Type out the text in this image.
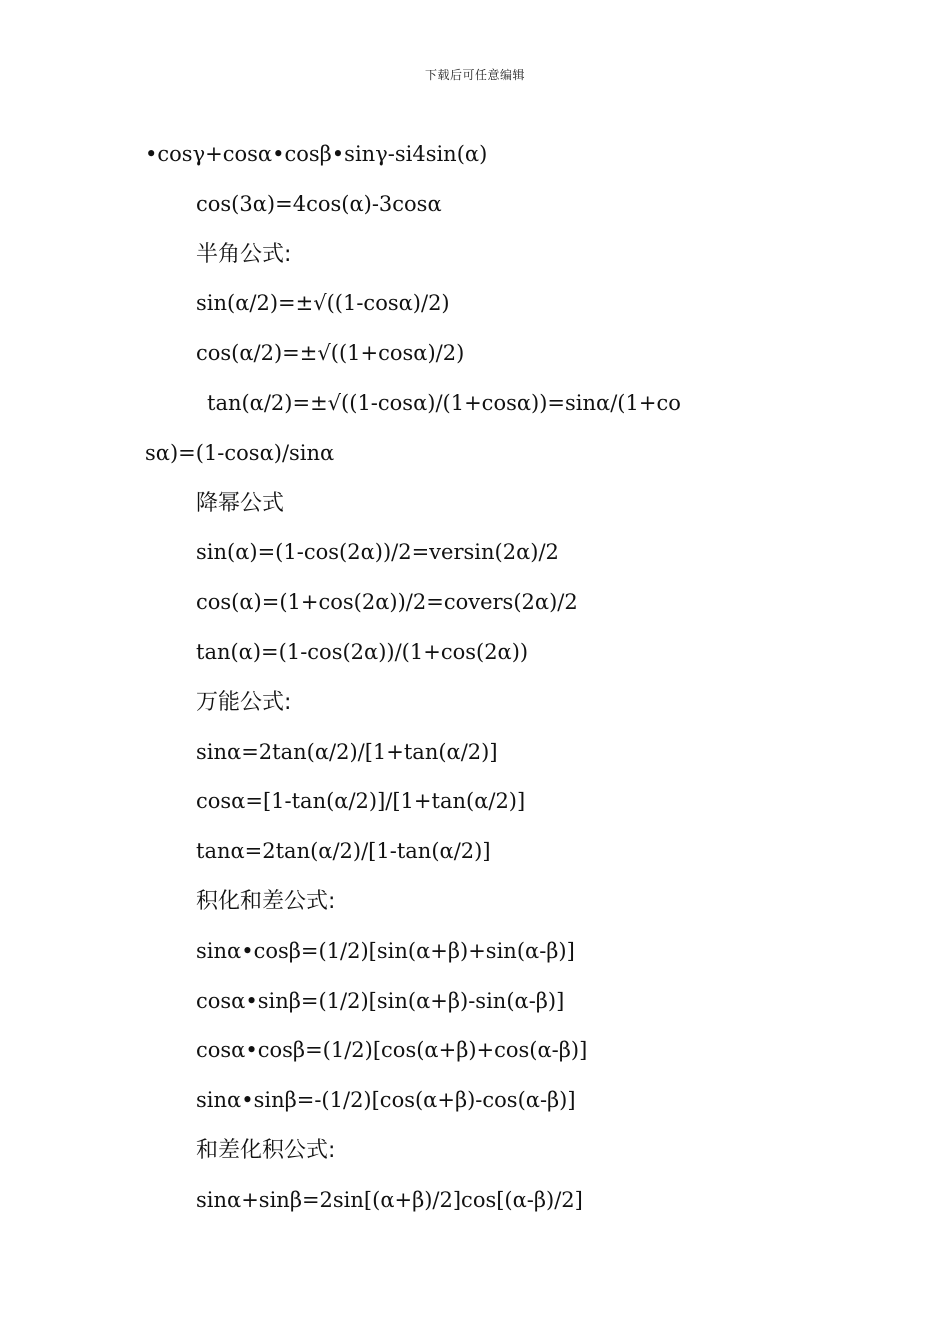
下载后可任意编辑
•cosγ+cosα•cosβ•sinγ-si4sin(α)
cos(3α)=4cos(α)-3cosα
半角公式:
sin(α/2)=±√((1-cosα)/2)
cos(α/2)=±√((1+cosα)/2)
tan(α/2)=±√((1-cosα)/(1+cosα))=sinα/(1+co
sα)=(1-cosα)/sinα
降幂公式
sin(α)=(1-cos(2α))/2=versin(2α)/2
cos(α)=(1+cos(2α))/2=covers(2α)/2
tan(α)=(1-cos(2α))/(1+cos(2α))
万能公式:
sinα=2tan(α/2)/[1+tan(α/2)]
cosα=[1-tan(α/2)]/[1+tan(α/2)]
tanα=2tan(α/2)/[1-tan(α/2)]
积化和差公式:
sinα•cosβ=(1/2)[sin(α+β)+sin(α-β)]
cosα•sinβ=(1/2)[sin(α+β)-sin(α-β)]
cosα•cosβ=(1/2)[cos(α+β)+cos(α-β)]
sinα•sinβ=-(1/2)[cos(α+β)-cos(α-β)]
和差化积公式:
sinα+sinβ=2sin[(α+β)/2]cos[(α-β)/2]
